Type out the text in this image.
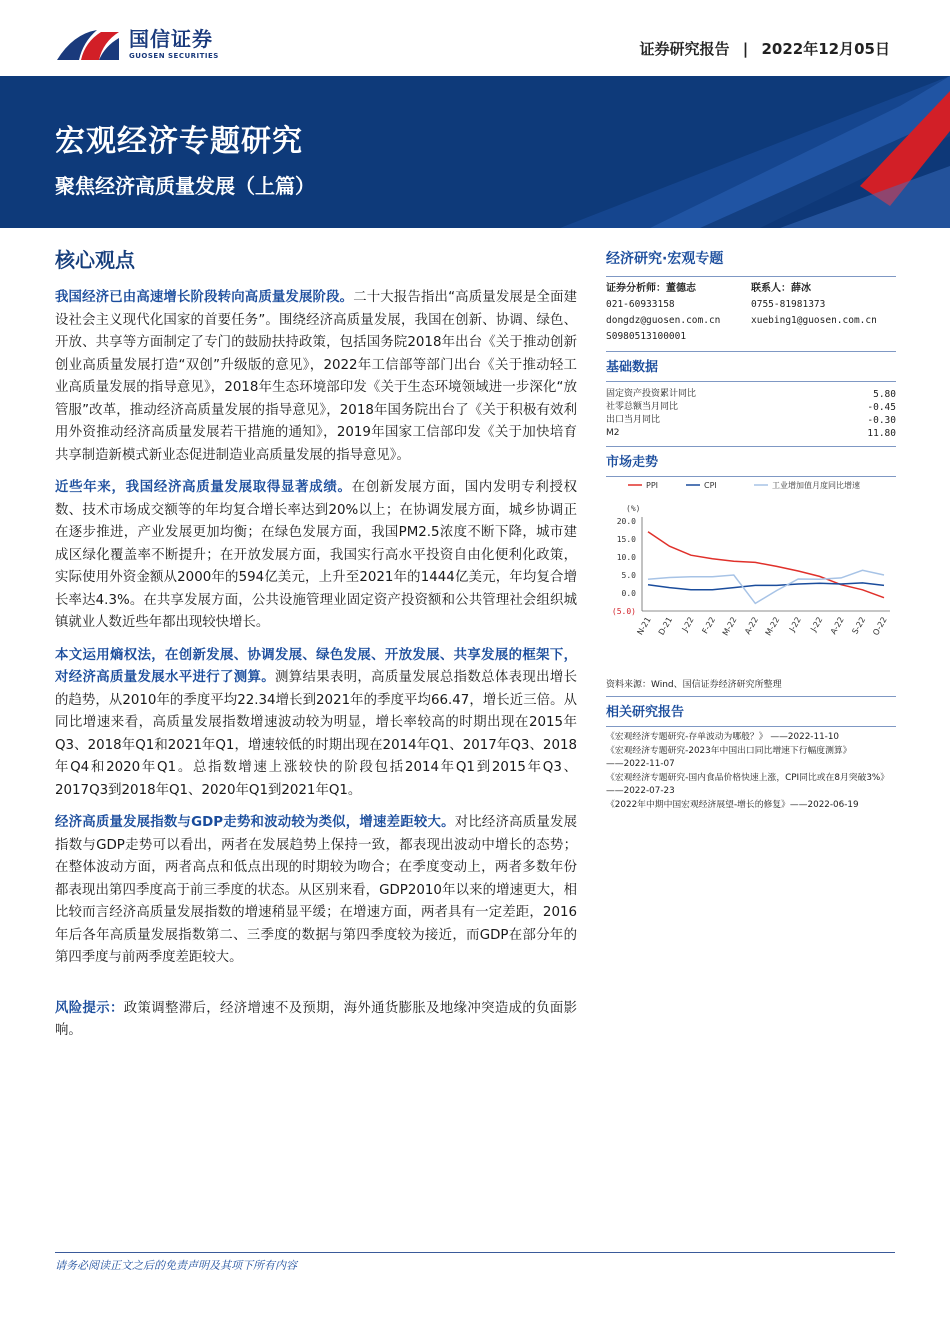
国信证券
GUOSEN SECURITIES	证券研究报告 | 2022年12月05日
宏观经济专题研究
聚焦经济高质量发展（上篇）
核心观点

我国经济已由高速增长阶段转向高质量发展阶段。二十大报告指出“高质量发展是全面建设社会主义现代化国家的首要任务”。围绕经济高质量发展，我国在创新、协调、绿色、开放、共享等方面制定了专门的鼓励扶持政策，包括国务院2018年出台《关于推动创新创业高质量发展打造“双创”升级版的意见》，2022年工信部等部门出台《关于推动轻工业高质量发展的指导意见》，2018年生态环境部印发《关于生态环境领域进一步深化“放管服”改革，推动经济高质量发展的指导意见》，2018年国务院出台了《关于积极有效利用外资推动经济高质量发展若干措施的通知》，2019年国家工信部印发《关于加快培育共享制造新模式新业态促进制造业高质量发展的指导意见》。

近些年来，我国经济高质量发展取得显著成绩。在创新发展方面，国内发明专利授权数、技术市场成交额等的年均复合增长率达到20%以上；在协调发展方面，城乡协调正在逐步推进，产业发展更加均衡；在绿色发展方面，我国PM2.5浓度不断下降，城市建成区绿化覆盖率不断提升；在开放发展方面，我国实行高水平投资自由化便利化政策，实际使用外资金额从2000年的594亿美元，上升至2021年的1444亿美元，年均复合增长率达4.3%。在共享发展方面，公共设施管理业固定资产投资额和公共管理社会组织城镇就业人数近些年都出现较快增长。

本文运用熵权法，在创新发展、协调发展、绿色发展、开放发展、共享发展的框架下，对经济高质量发展水平进行了测算。测算结果表明，高质量发展总指数总体表现出增长的趋势，从2010年的季度平均22.34增长到2021年的季度平均66.47，增长近三倍。从同比增速来看，高质量发展指数增速波动较为明显，增长率较高的时期出现在2015年Q3、2018年Q1和2021年Q1，增速较低的时期出现在2014年Q1、2017年Q3、2018年Q4和2020年Q1。总指数增速上涨较快的阶段包括2014年Q1到2015年Q3、2017Q3到2018年Q1、2020年Q1到2021年Q1。

经济高质量发展指数与GDP走势和波动较为类似，增速差距较大。对比经济高质量发展指数与GDP走势可以看出，两者在发展趋势上保持一致，都表现出波动中增长的态势；在整体波动方面，两者高点和低点出现的时期较为吻合；在季度变动上，两者多数年份都表现出第四季度高于前三季度的状态。从区别来看，GDP2010年以来的增速更大，相比较而言经济高质量发展指数的增速稍显平缓；在增速方面，两者具有一定差距，2016年后各年高质量发展指数第二、三季度的数据与第四季度较为接近，而GDP在部分年的第四季度与前两季度差距较大。

风险提示：政策调整滞后，经济增速不及预期，海外通货膨胀及地缘冲突造成的负面影响。

经济研究·宏观专题
证券分析师：董德志
021-60933158
dongdz@guosen.com.cn
S0980513100001
联系人：薛冰
0755-81981373
xuebing1@guosen.com.cn
基础数据
固定资产投资累计同比	5.80
社零总额当月同比	-0.45
出口当月同比	-0.30
M2	11.80
市场走势
PPI	CPI	工业增加值月度同比增速
(%)
20.0
15.0
10.0
5.0
0.0
(5.0)
N-21 D-21 J-22 F-22 M-22 A-22 M-22 J-22 J-22 A-22 S-22 O-22
资料来源：Wind、国信证券经济研究所整理
相关研究报告
《宏观经济专题研究-存单波动为哪般？》 ——2022-11-10
《宏观经济专题研究-2023年中国出口同比增速下行幅度测算》
——2022-11-07
《宏观经济专题研究-国内食品价格快速上涨，CPI同比或在8月突破3%》 ——2022-07-23
《2022年中期中国宏观经济展望-增长的修复》——2022-06-19
请务必阅读正文之后的免责声明及其项下所有内容
